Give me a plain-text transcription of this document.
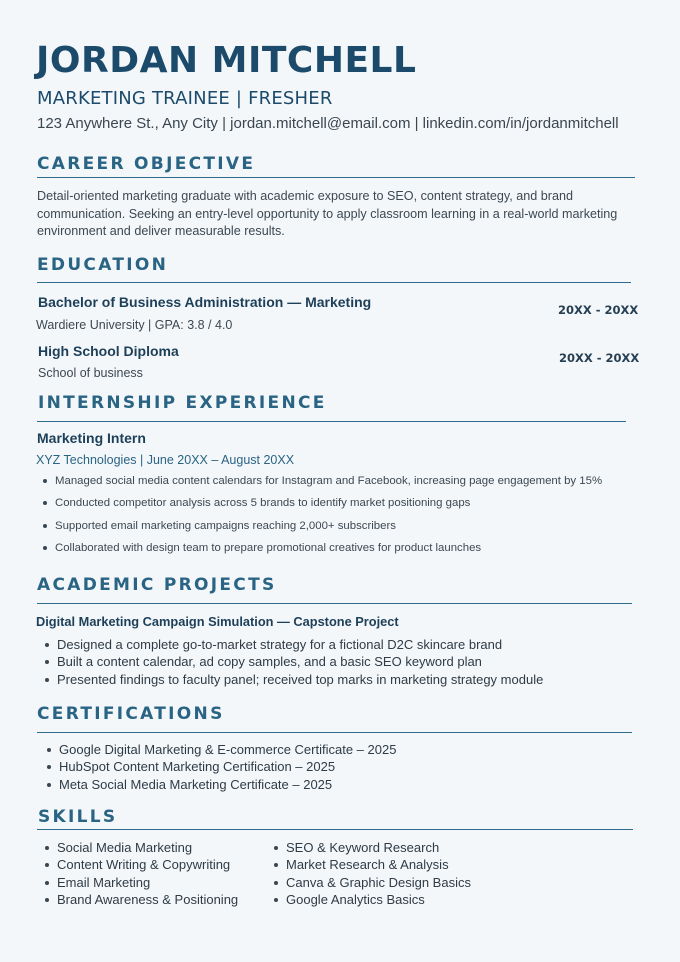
JORDAN MITCHELL
MARKETING TRAINEE | FRESHER
123 Anywhere St., Any City | jordan.mitchell@email.com | linkedin.com/in/jordanmitchell
CAREER OBJECTIVE
Detail-oriented marketing graduate with academic exposure to SEO, content strategy, and brand communication. Seeking an entry-level opportunity to apply classroom learning in a real-world marketing environment and deliver measurable results.
EDUCATION
Bachelor of Business Administration — Marketing	20XX - 20XX
Wardiere University | GPA: 3.8 / 4.0
High School Diploma	20XX - 20XX
School of business
INTERNSHIP EXPERIENCE
Marketing Intern
XYZ Technologies | June 20XX – August 20XX
Managed social media content calendars for Instagram and Facebook, increasing page engagement by 15%
Conducted competitor analysis across 5 brands to identify market positioning gaps
Supported email marketing campaigns reaching 2,000+ subscribers
Collaborated with design team to prepare promotional creatives for product launches
ACADEMIC PROJECTS
Digital Marketing Campaign Simulation — Capstone Project
Designed a complete go-to-market strategy for a fictional D2C skincare brand
Built a content calendar, ad copy samples, and a basic SEO keyword plan
Presented findings to faculty panel; received top marks in marketing strategy module
CERTIFICATIONS
Google Digital Marketing & E-commerce Certificate – 2025
HubSpot Content Marketing Certification – 2025
Meta Social Media Marketing Certificate – 2025
SKILLS
Social Media Marketing
Content Writing & Copywriting
Email Marketing
Brand Awareness & Positioning
SEO & Keyword Research
Market Research & Analysis
Canva & Graphic Design Basics
Google Analytics Basics
